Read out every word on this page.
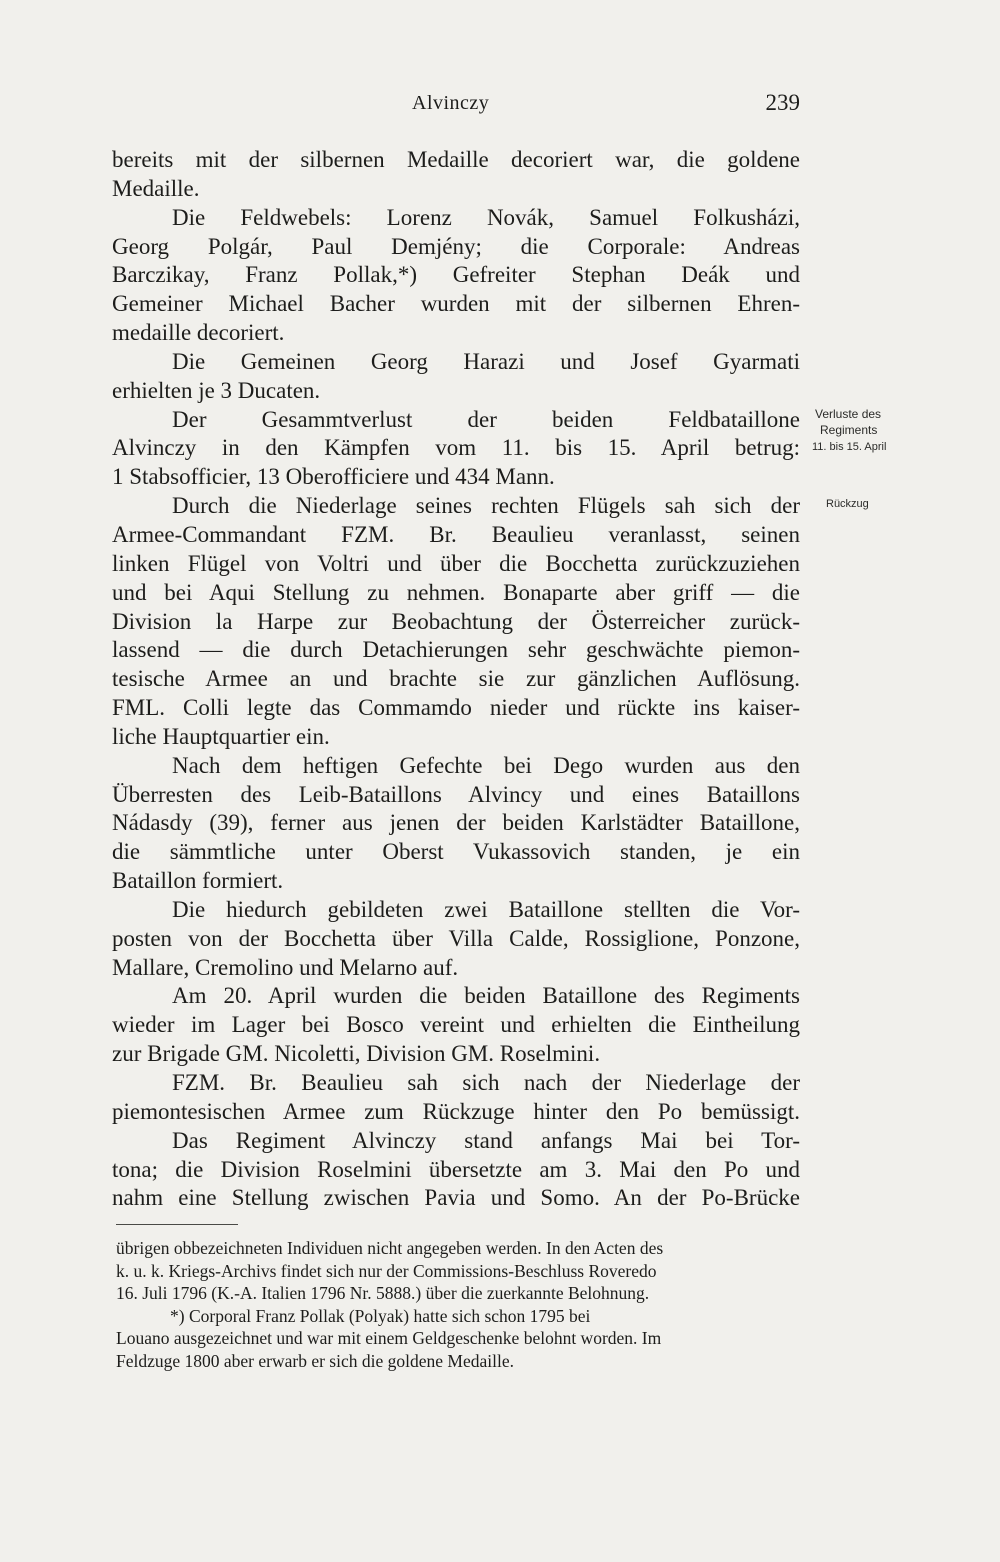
Alvinczy	239
bereits mit der silbernen Medaille decoriert war, die goldene
Medaille.
Die Feldwebels: Lorenz Novák, Samuel Folkusházi,
Georg Polgár, Paul Demjény; die Corporale: Andreas
Barczikay, Franz Pollak,*) Gefreiter Stephan Deák und
Gemeiner Michael Bacher wurden mit der silbernen Ehren-
medaille decoriert.
Die Gemeinen Georg Harazi und Josef Gyarmati
erhielten je 3 Ducaten.
Der Gesammtverlust der beiden Feldbataillone
Alvinczy in den Kämpfen vom 11. bis 15. April betrug:
1 Stabsofficier, 13 Oberofficiere und 434 Mann.
Durch die Niederlage seines rechten Flügels sah sich der
Armee-Commandant FZM. Br. Beaulieu veranlasst, seinen
linken Flügel von Voltri und über die Bocchetta zurückzuziehen
und bei Aqui Stellung zu nehmen. Bonaparte aber griff — die
Division la Harpe zur Beobachtung der Österreicher zurück-
lassend — die durch Detachierungen sehr geschwächte piemon-
tesische Armee an und brachte sie zur gänzlichen Auflösung.
FML. Colli legte das Commamdo nieder und rückte ins kaiser-
liche Hauptquartier ein.
Nach dem heftigen Gefechte bei Dego wurden aus den
Überresten des Leib-Bataillons Alvincy und eines Bataillons
Nádasdy (39), ferner aus jenen der beiden Karlstädter Bataillone,
die sämmtliche unter Oberst Vukassovich standen, je ein
Bataillon formiert.
Die hiedurch gebildeten zwei Bataillone stellten die Vor-
posten von der Bocchetta über Villa Calde, Rossiglione, Ponzone,
Mallare, Cremolino und Melarno auf.
Am 20. April wurden die beiden Bataillone des Regiments
wieder im Lager bei Bosco vereint und erhielten die Eintheilung
zur Brigade GM. Nicoletti, Division GM. Roselmini.
FZM. Br. Beaulieu sah sich nach der Niederlage der
piemontesischen Armee zum Rückzuge hinter den Po bemüssigt.
Das Regiment Alvinczy stand anfangs Mai bei Tor-
tona; die Division Roselmini übersetzte am 3. Mai den Po und
nahm eine Stellung zwischen Pavia und Somo. An der Po-Brücke
Verluste des
Regiments
11. bis 15. April
Rückzug
übrigen obbezeichneten Individuen nicht angegeben werden. In den Acten des
k. u. k. Kriegs-Archivs findet sich nur der Commissions-Beschluss Roveredo
16. Juli 1796 (K.-A. Italien 1796 Nr. 5888.) über die zuerkannte Belohnung.
*) Corporal Franz Pollak (Polyak) hatte sich schon 1795 bei
Louano ausgezeichnet und war mit einem Geldgeschenke belohnt worden. Im
Feldzuge 1800 aber erwarb er sich die goldene Medaille.
